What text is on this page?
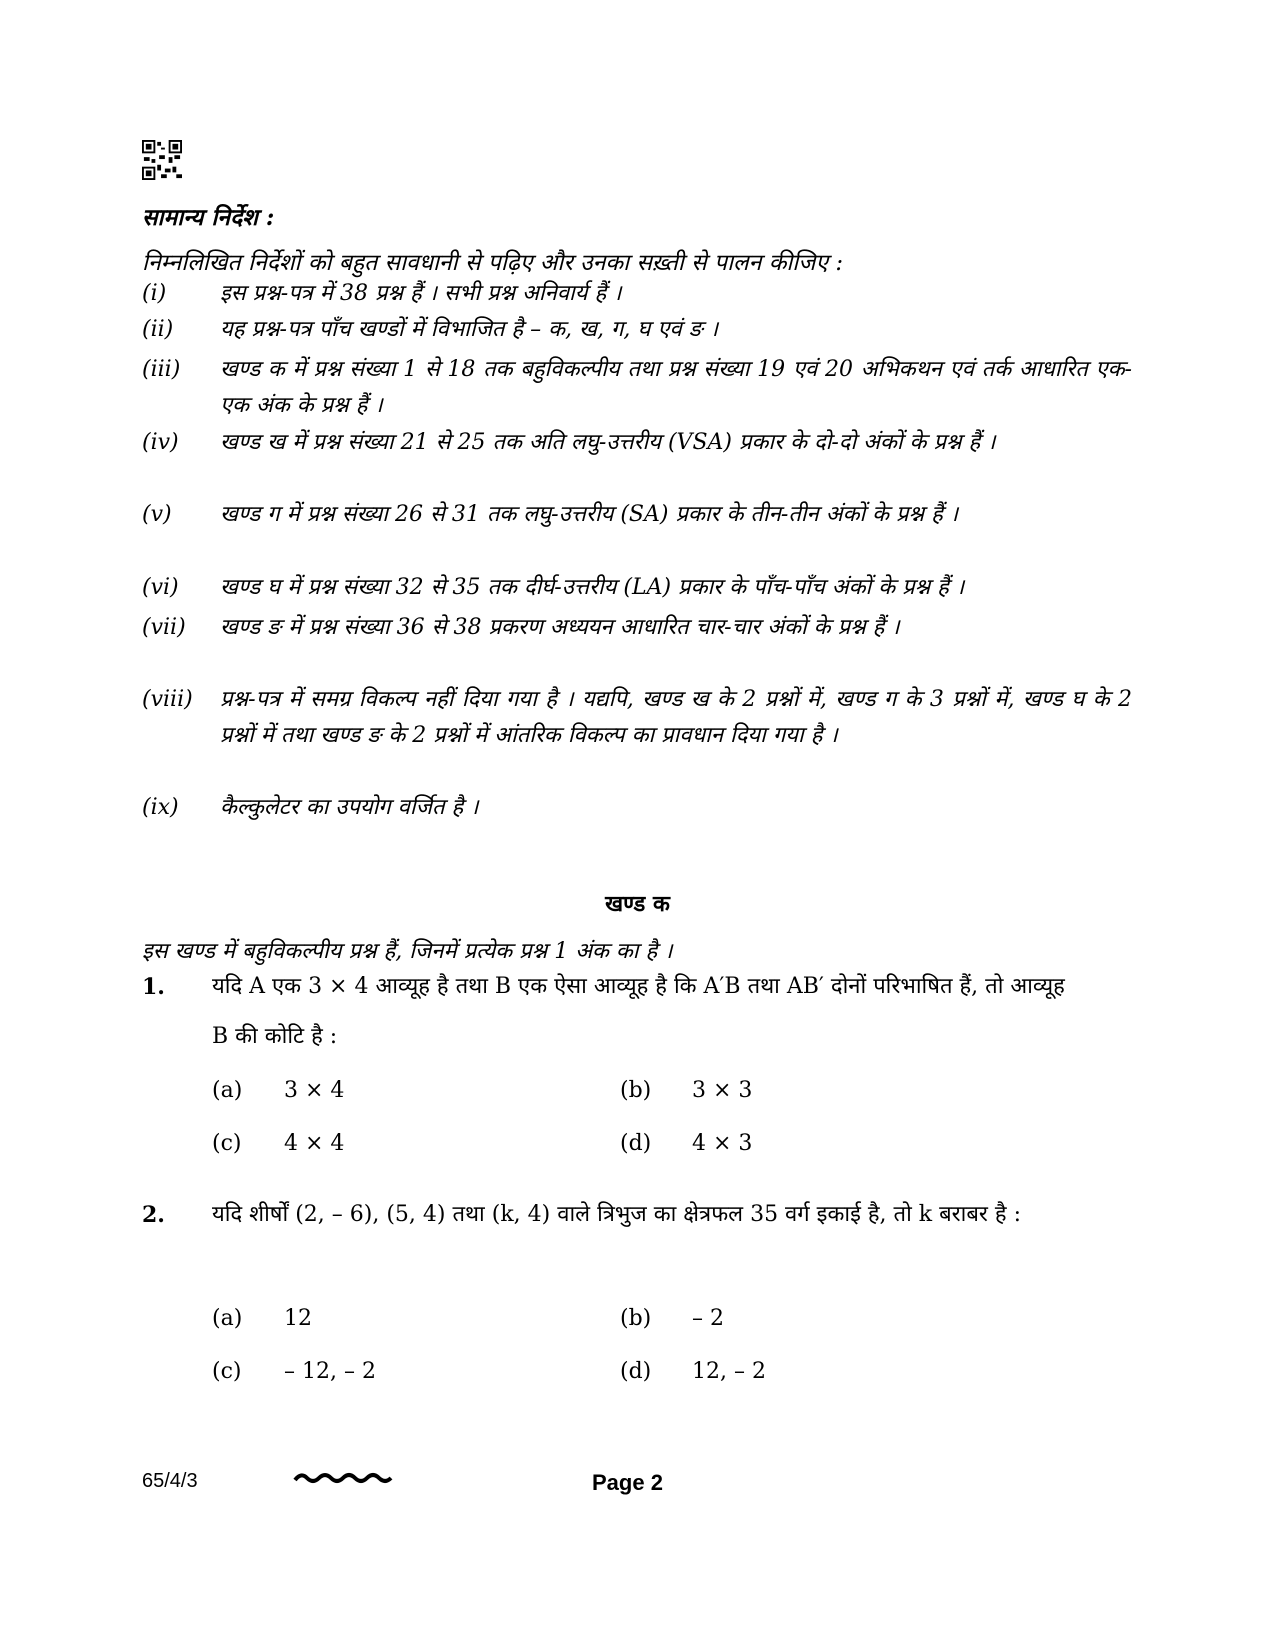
सामान्य निर्देश :
निम्नलिखित निर्देशों को बहुत सावधानी से पढ़िए और उनका सख़्ती से पालन कीजिए :
(i)	इस प्रश्न-पत्र में 38 प्रश्न हैं । सभी प्रश्न अनिवार्य हैं ।
(ii)	यह प्रश्न-पत्र पाँच खण्डों में विभाजित है – क, ख, ग, घ एवं ङ ।
(iii)	खण्ड क में प्रश्न संख्या 1 से 18 तक बहुविकल्पीय तथा प्रश्न संख्या 19 एवं 20 अभिकथन एवं तर्क आधारित एक-एक अंक के प्रश्न हैं ।
(iv)	खण्ड ख में प्रश्न संख्या 21 से 25 तक अति लघु-उत्तरीय (VSA) प्रकार के दो-दो अंकों के प्रश्न हैं ।
(v)	खण्ड ग में प्रश्न संख्या 26 से 31 तक लघु-उत्तरीय (SA) प्रकार के तीन-तीन अंकों के प्रश्न हैं ।
(vi)	खण्ड घ में प्रश्न संख्या 32 से 35 तक दीर्घ-उत्तरीय (LA) प्रकार के पाँच-पाँच अंकों के प्रश्न हैं ।
(vii)	खण्ड ङ में प्रश्न संख्या 36 से 38 प्रकरण अध्ययन आधारित चार-चार अंकों के प्रश्न हैं ।
(viii)	प्रश्न-पत्र में समग्र विकल्प नहीं दिया गया है । यद्यपि, खण्ड ख के 2 प्रश्नों में, खण्ड ग के 3 प्रश्नों में, खण्ड घ के 2 प्रश्नों में तथा खण्ड ङ के 2 प्रश्नों में आंतरिक विकल्प का प्रावधान दिया गया है ।
(ix)	कैल्कुलेटर का उपयोग वर्जित है ।
खण्ड क
इस खण्ड में बहुविकल्पीय प्रश्न हैं, जिनमें प्रत्येक प्रश्न 1 अंक का है ।
1. यदि A एक 3 × 4 आव्यूह है तथा B एक ऐसा आव्यूह है कि A′B तथा AB′ दोनों परिभाषित हैं, तो आव्यूह B की कोटि है :
(a) 3 × 4	(b) 3 × 3
(c) 4 × 4	(d) 4 × 3
2. यदि शीर्षों (2, – 6), (5, 4) तथा (k, 4) वाले त्रिभुज का क्षेत्रफल 35 वर्ग इकाई है, तो k बराबर है :
(a) 12	(b) – 2
(c) – 12, – 2	(d) 12, – 2
65/4/3	Page 2
